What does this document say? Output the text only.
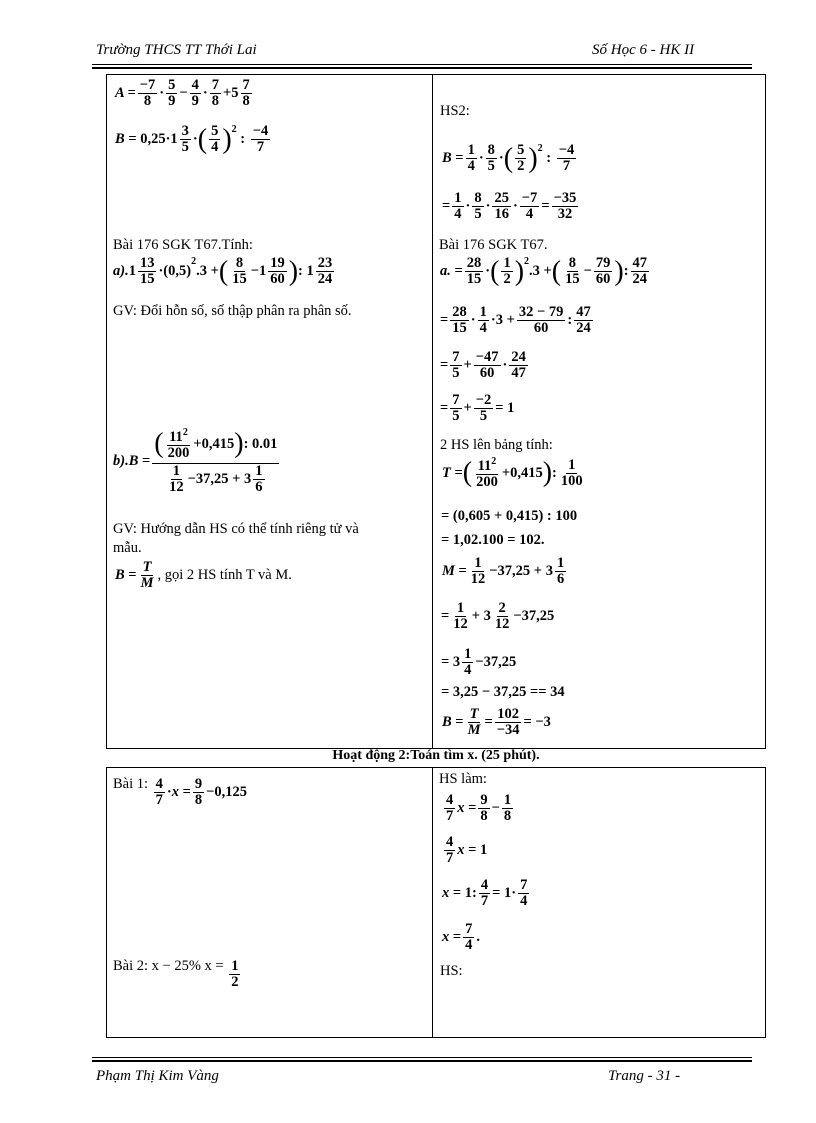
Trường THCS TT Thới Lai	Số Học 6 - HK II
$A = \frac{-7}{8}$ ·
5
9 −
4
9 ·
7
8 +5
7
8
$B = 0,25\cdot 1 \frac{3}{5}$ · ( 5
4 ) 2
:
−4
7

Bài 176 SGK T67.Tính:

a). 1
13
15 ·(0,5)
2
.3 + ( 8
15 −1
19
60 ) : 1
23
24

GV: Đổi hỗn số, số thập phân ra phân số.

b).B =
( $11^2$
200
+0,415 ) : 0.01
1
12
−37,25 + 3
1
6

GV: Hướng dẫn HS có thể tính riêng tử và

mẫu.

B =
T
M , gọi 2 HS tính T và M.

HS2:

B =
1
4 ·
8
5 · ( 5
2 ) 2
:
−4
7
=
1
4 ·
8
5 ·
25
16 ·
−7
4 =
−35
32

Bài 176 SGK T67.

a. =
28
15 · ( 1
2 ) 2
.3 + ( 8
15 −
79
60 ) :
47
24
=
28
15 ·
1
4 ·3 +
32 − 79
60 :
47
24
=
7
5 +
−47
60 ·
24
47
=
7
5 +
−2
5 = 1

2 HS lên bảng tính:

T = ( $11^2$
200
+0,415 ) :
1
100
= (0,605 + 0,415) : 100
= 1,02.100 = 102.
M =
1
12 −37,25 + 3
1
6
=
1
12 + 3
2
12 −37,25
= 3
1
4 −37,25
= 3,25 − 37,25 == 34
B =
T
M =
102
−34 = −3
Hoạt động 2:Toán tìm x. (25 phút).
Bài 1: 4
7 · x =
9
8 −0,125

HS làm:

4
7 x =
9
8 −
1
8
4
7 x = 1
x = 1:
4
7 = 1·
7
4
x =
7
4 .
Bài 2: x − 25% x = 1
2

HS:

Phạm Thị Kim Vàng	Trang - 31 -
